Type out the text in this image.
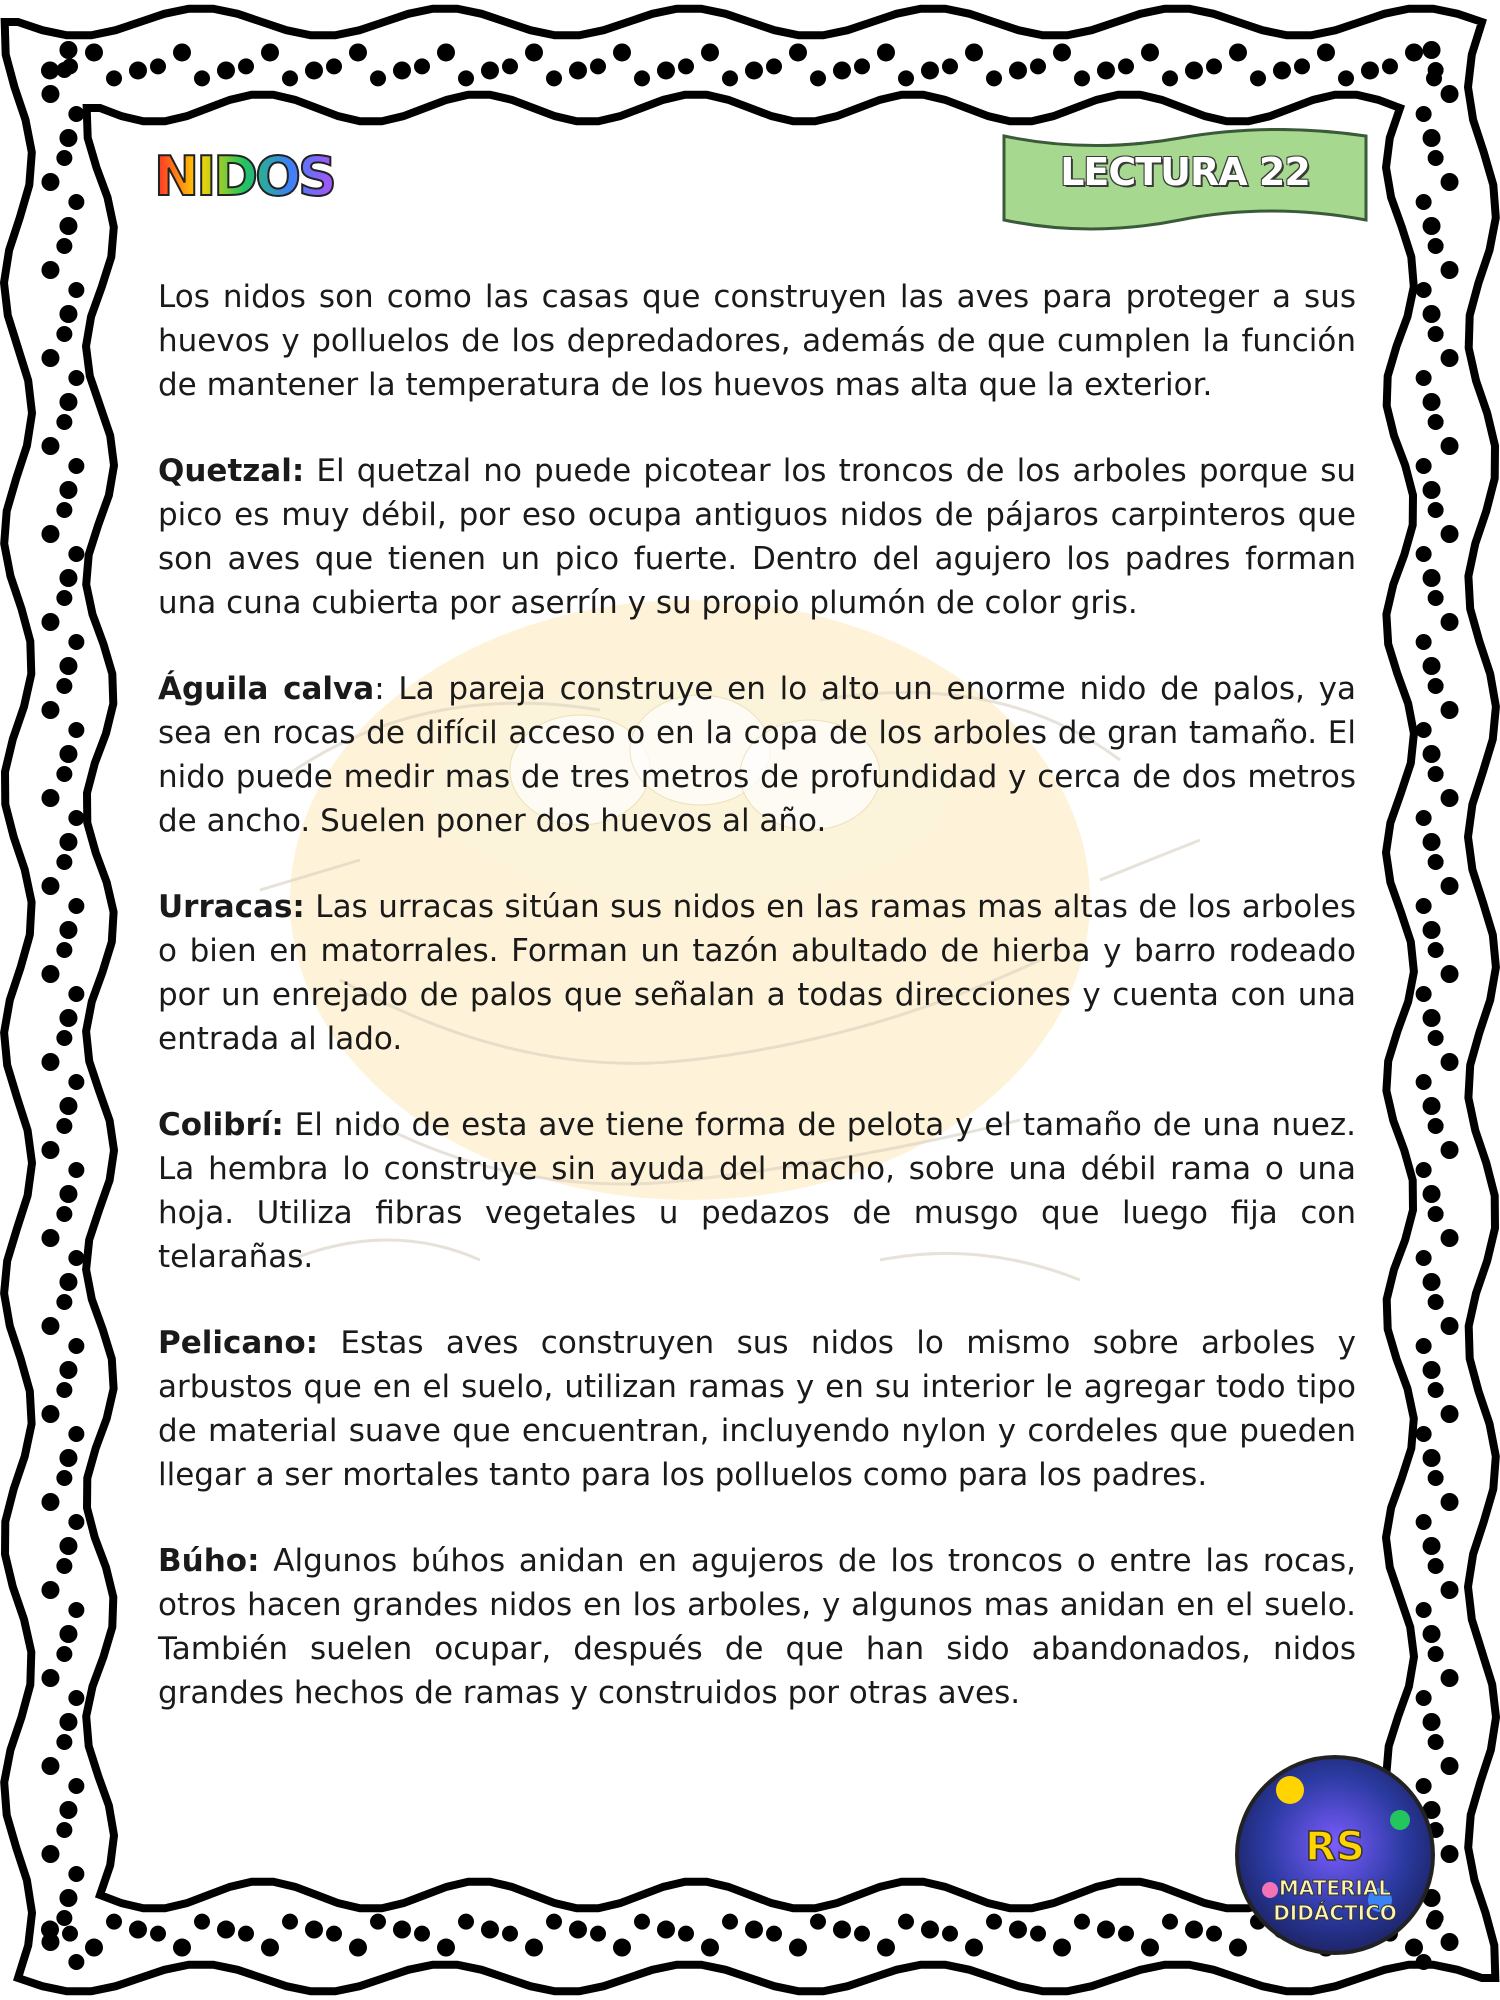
NIDOS	LECTURA 22

Los nidos son como las casas que construyen las aves para proteger a sus huevos y polluelos de los depredadores, además de que cumplen la función de mantener la temperatura de los huevos mas alta que la exterior.

Quetzal: El quetzal no puede picotear los troncos de los arboles porque su pico es muy débil, por eso ocupa antiguos nidos de pájaros carpinteros que son aves que tienen un pico fuerte. Dentro del agujero los padres forman una cuna cubierta por aserrín y su propio plumón de color gris.

Águila calva: La pareja construye en lo alto un enorme nido de palos, ya sea en rocas de difícil acceso o en la copa de los arboles de gran tamaño. El nido puede medir mas de tres metros de profundidad y cerca de dos metros de ancho. Suelen poner dos huevos al año.

Urracas: Las urracas sitúan sus nidos en las ramas mas altas de los arboles o bien en matorrales. Forman un tazón abultado de hierba y barro rodeado por un enrejado de palos que señalan a todas direcciones y cuenta con una entrada al lado.

Colibrí: El nido de esta ave tiene forma de pelota y el tamaño de una nuez. La hembra lo construye sin ayuda del macho, sobre una débil rama o una hoja. Utiliza fibras vegetales u pedazos de musgo que luego fija con telarañas.

Pelicano: Estas aves construyen sus nidos lo mismo sobre arboles y arbustos que en el suelo, utilizan ramas y en su interior le agregar todo tipo de material suave que encuentran, incluyendo nylon y cordeles que pueden llegar a ser mortales tanto para los polluelos como para los padres.

Búho: Algunos búhos anidan en agujeros de los troncos o entre las rocas, otros hacen grandes nidos en los arboles, y algunos mas anidan en el suelo. También suelen ocupar, después de que han sido abandonados, nidos grandes hechos de ramas y construidos por otras aves.

RS
MATERIAL
DIDÁCTICO
